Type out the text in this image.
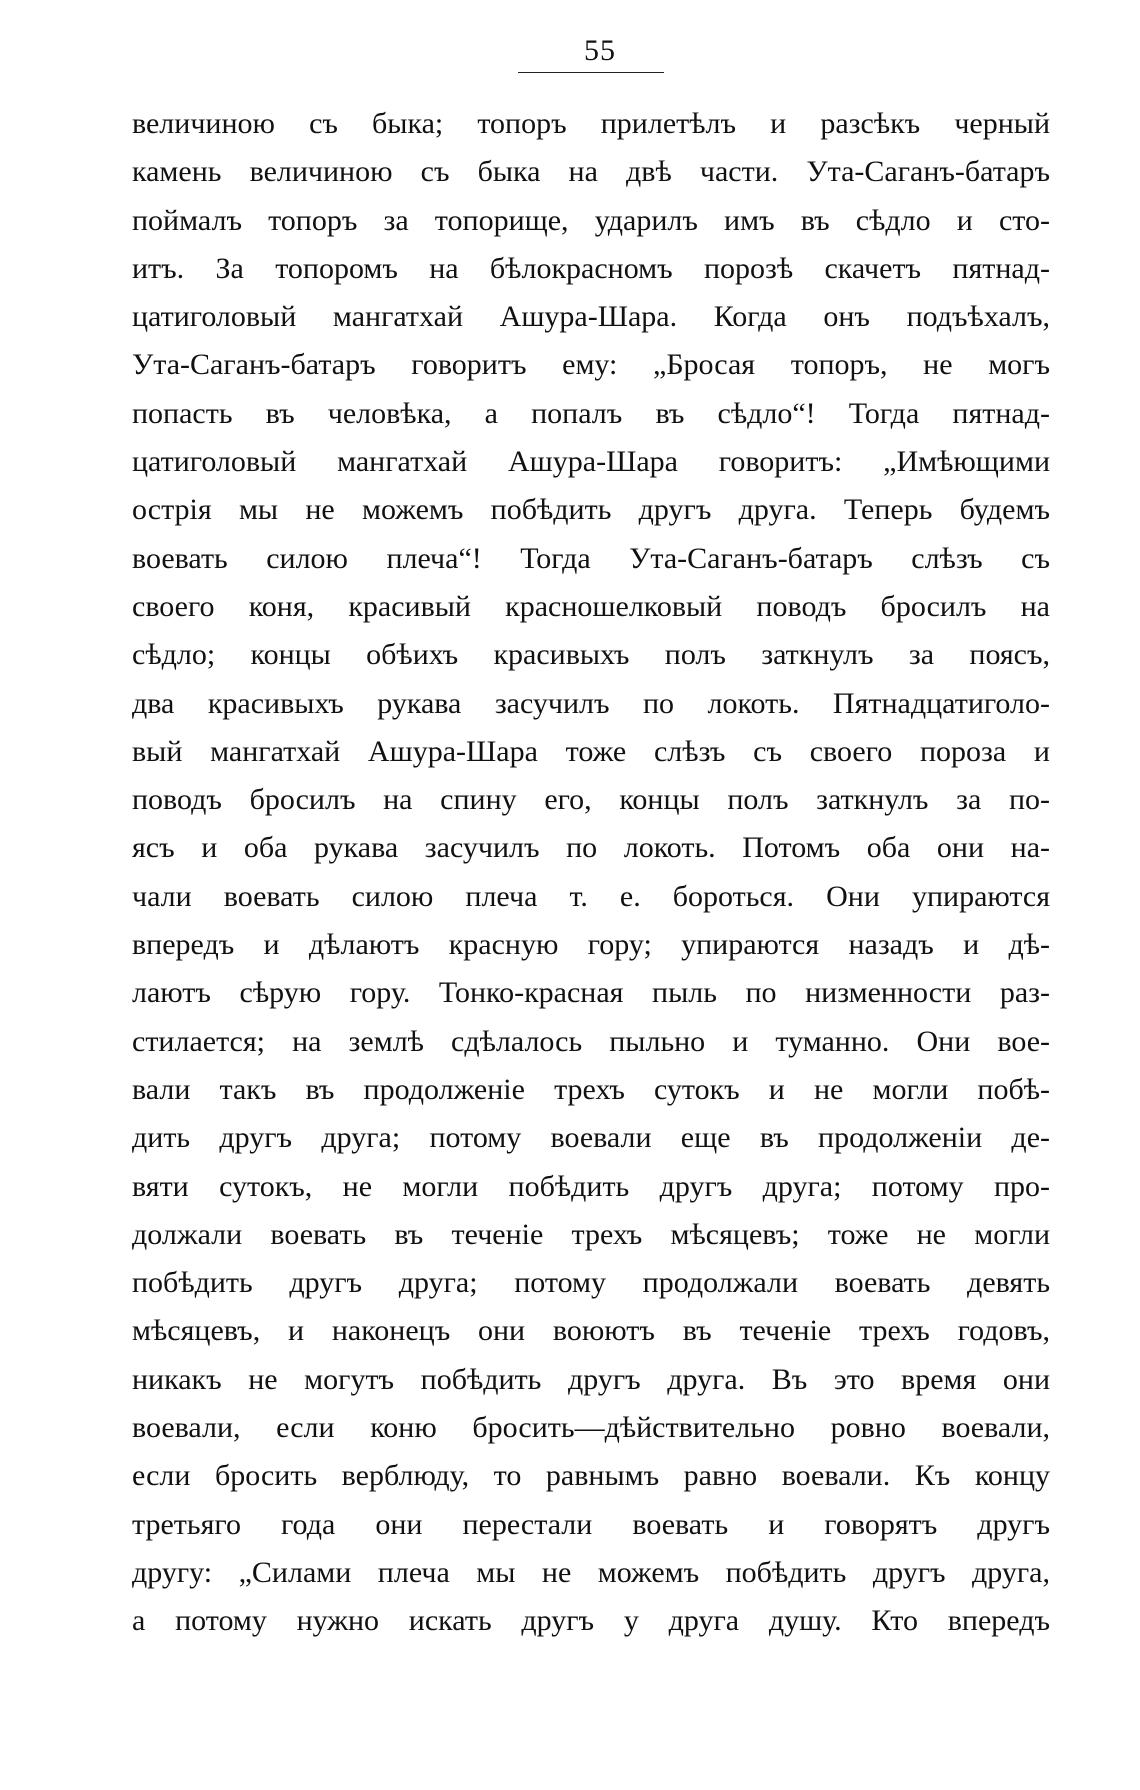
55
величиною съ быка; топоръ прилетѣлъ и разсѣкъ черный
камень величиною съ быка на двѣ части. Ута-Саганъ-батаръ
поймалъ топоръ за топорище, ударилъ имъ въ сѣдло и сто-
итъ. За топоромъ на бѣлокрасномъ порозѣ скачетъ пятнад-
цатиголовый мангатхай Ашура-Шара. Когда онъ подъѣхалъ,
Ута-Саганъ-батаръ говоритъ ему: „Бросая топоръ, не могъ
попасть въ человѣка, а попалъ въ сѣдло“! Тогда пятнад-
цатиголовый мангатхай Ашура-Шара говоритъ: „Имѣющими
острія мы не можемъ побѣдить другъ друга. Теперь будемъ
воевать силою плеча“! Тогда Ута-Саганъ-батаръ слѣзъ съ
своего коня, красивый красношелковый поводъ бросилъ на
сѣдло; концы обѣихъ красивыхъ полъ заткнулъ за поясъ,
два красивыхъ рукава засучилъ по локоть. Пятнадцатиголо-
вый мангатхай Ашура-Шара тоже слѣзъ съ своего пороза и
поводъ бросилъ на спину его, концы полъ заткнулъ за по-
ясъ и оба рукава засучилъ по локоть. Потомъ оба они на-
чали воевать силою плеча т. е. бороться. Они упираются
впередъ и дѣлаютъ красную гору; упираются назадъ и дѣ-
лаютъ сѣрую гору. Тонко-красная пыль по низменности раз-
стилается; на землѣ сдѣлалось пыльно и туманно. Они вое-
вали такъ въ продолженіе трехъ сутокъ и не могли побѣ-
дить другъ друга; потому воевали еще въ продолженіи де-
вяти сутокъ, не могли побѣдить другъ друга; потому про-
должали воевать въ теченіе трехъ мѣсяцевъ; тоже не могли
побѣдить другъ друга; потому продолжали воевать девять
мѣсяцевъ, и наконецъ они воюютъ въ теченіе трехъ годовъ,
никакъ не могутъ побѣдить другъ друга. Въ это время они
воевали, если коню бросить—дѣйствительно ровно воевали,
если бросить верблюду, то равнымъ равно воевали. Къ концу
третьяго года они перестали воевать и говорятъ другъ
другу: „Силами плеча мы не можемъ побѣдить другъ друга,
а потому нужно искать другъ у друга душу. Кто впередъ
